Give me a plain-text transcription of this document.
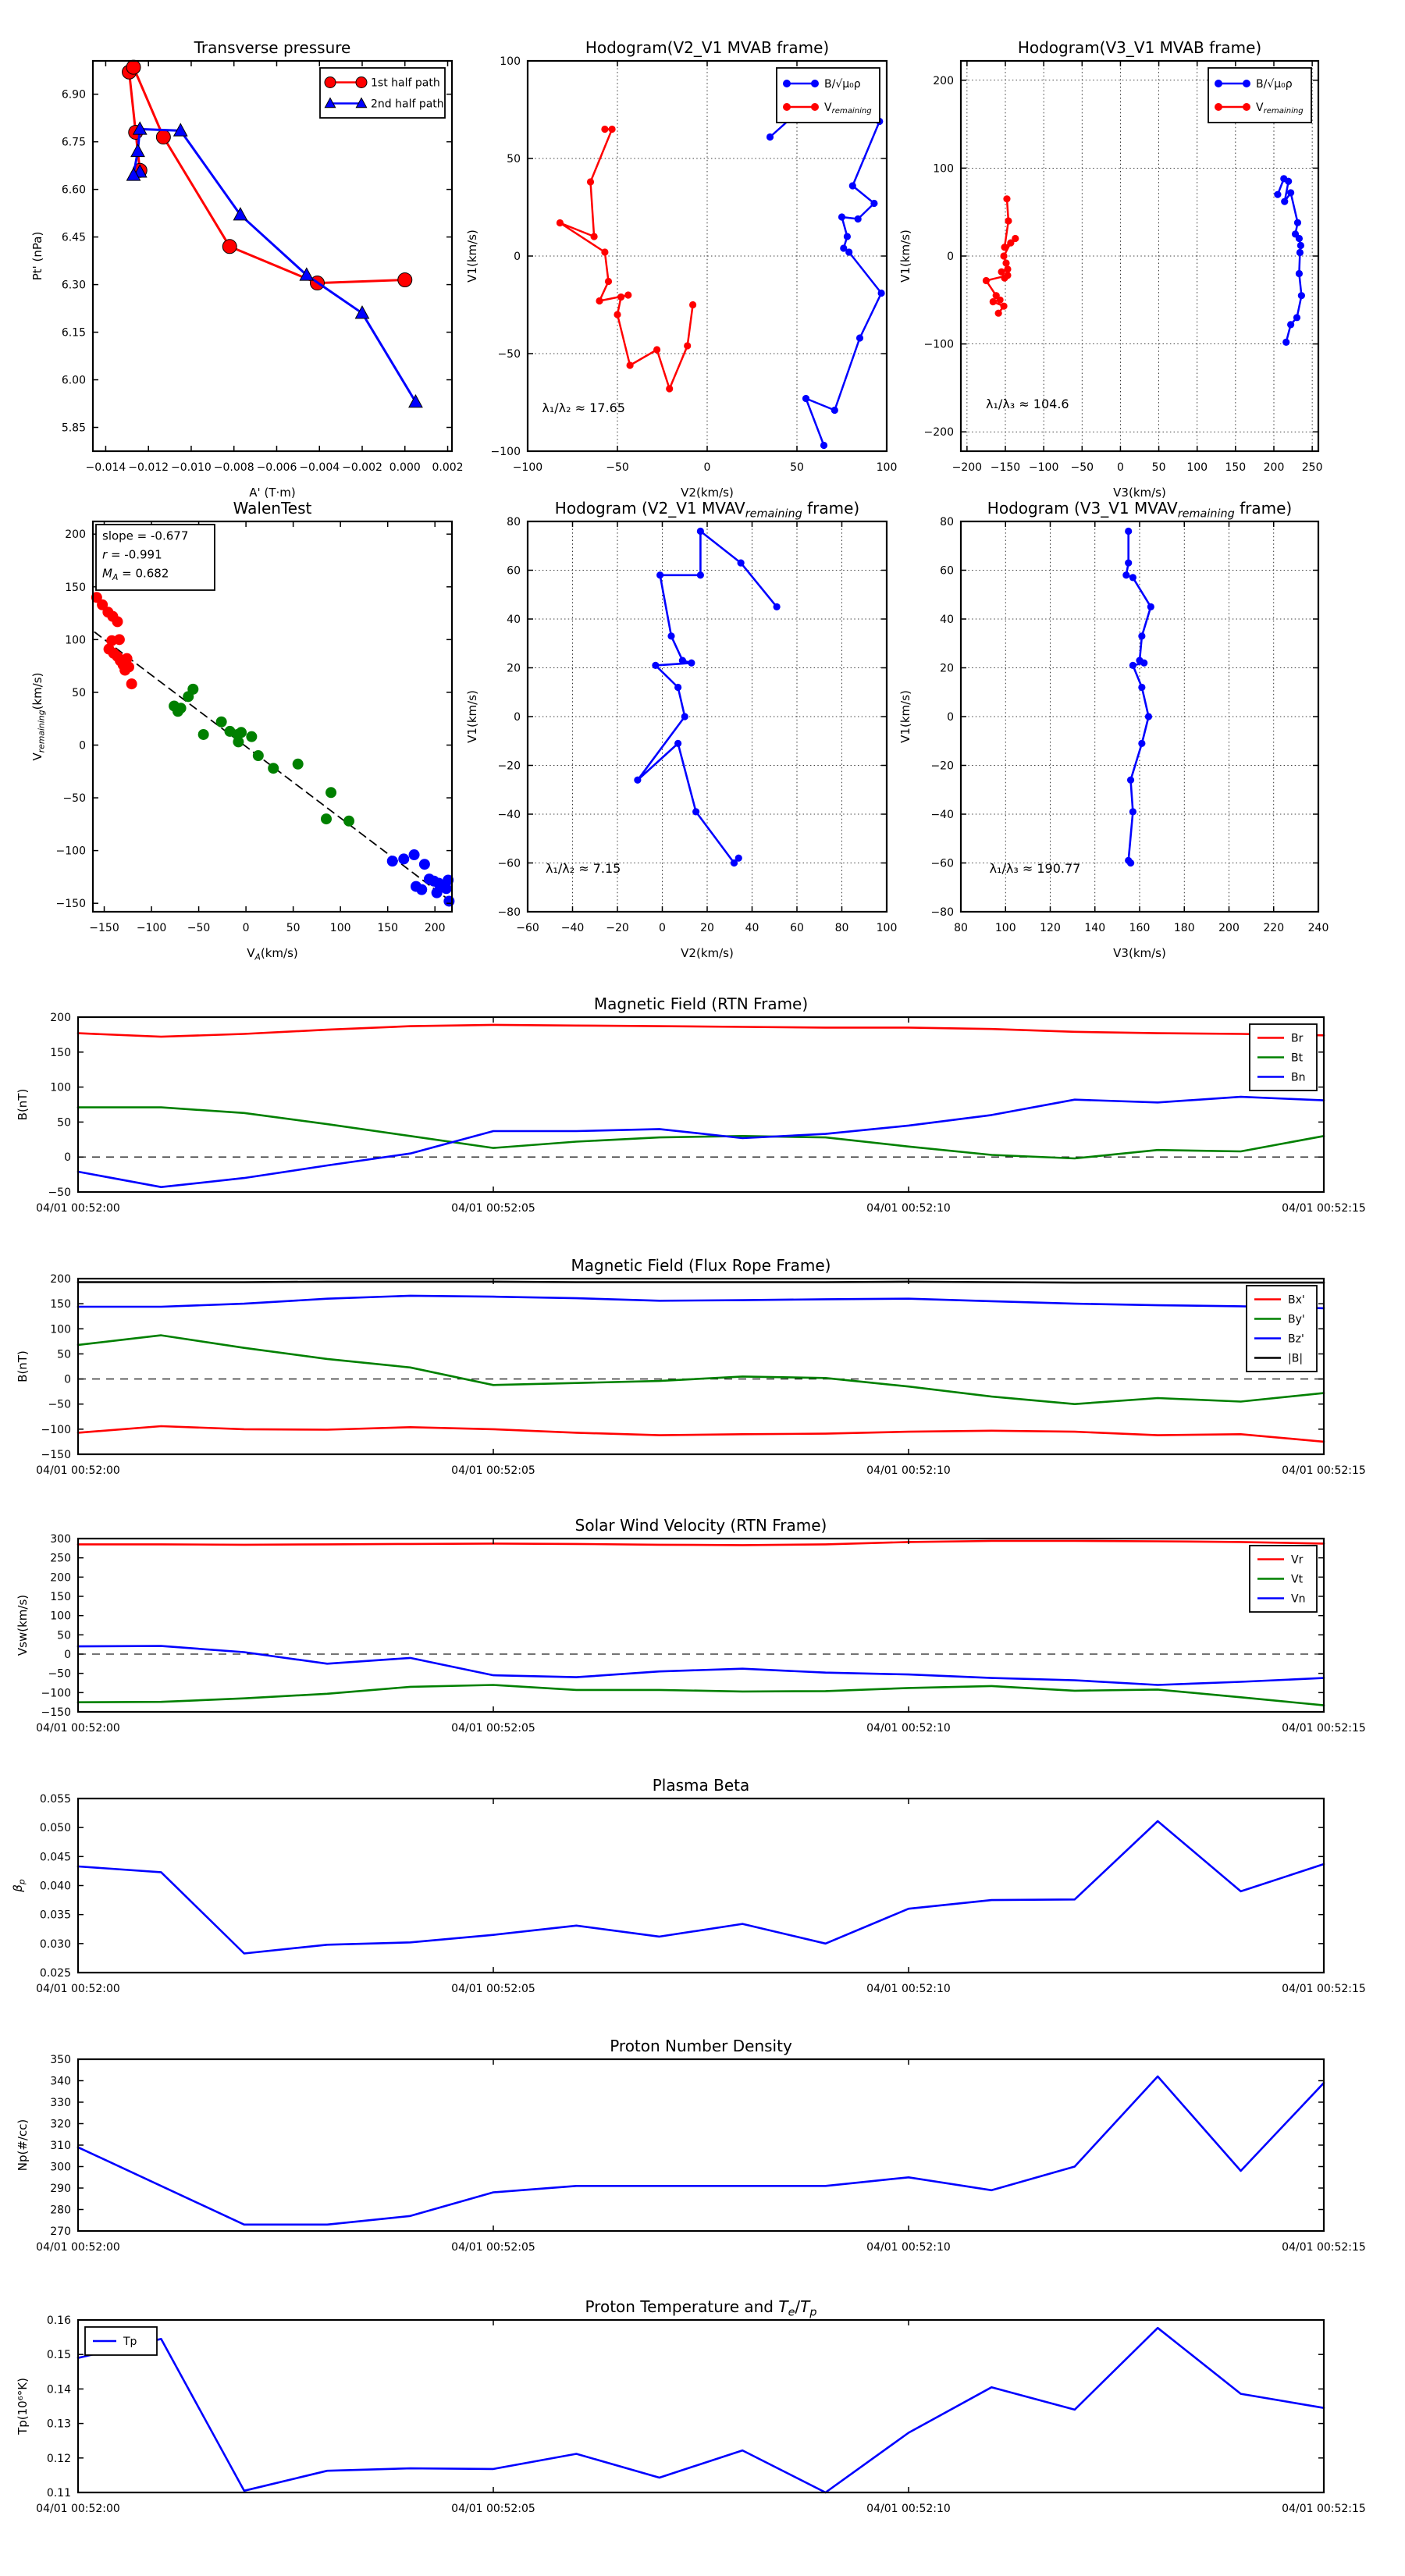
−0.014 −0.012 −0.010 −0.008 −0.006 −0.004 −0.002 0.000 0.002
5.85
6.00
6.15
6.30
6.45
6.60
6.75
6.90
Transverse pressure
A' (T·m)
Pt' (nPa)
1st half path
2nd half path
−100	−50	0	50	100
−100
−50
0
50
100
Hodogram(V2_V1 MVAB frame)
V2(km/s)
V1(km/s)
λ₁/λ₂ ≈ 17.65
B/√μ₀ρ
$V_{remaining}$
−200 −150 −100 −50 0	50 100 150 200 250
−200
−100
0
100
200
Hodogram(V3_V1 MVAB frame)
V3(km/s)
V1(km/s)
λ₁/λ₃ ≈ 104.6
B/√μ₀ρ
$V_{remaining}$
−150 −100 −50	0	50	100 150 200
−150
−100
−50
0
50
100
150
200
WalenTest
$V_A(km/s)$
$V_{remaining}(km/s)$
slope = -0.677
r = -0.991
$M_A = 0.682$
−60 −40 −20	0	20	40	60	80	100
−80
−60
−40
−20
0
20
40
60
80
Hodogram (V2_V1 $MVAV_{remaining}$ frame)
V2(km/s)
V1(km/s)
λ₁/λ₂ ≈ 7.15
80 100 120 140 160 180 200 220 240
−80
−60
−40
−20
0
20
40
60
80
Hodogram (V3_V1 $MVAV_{remaining}$ frame)
V3(km/s)
V1(km/s)
λ₁/λ₃ ≈ 190.77
04/01 00:52:00	04/01 00:52:05	04/01 00:52:10	04/01 00:52:15
−50
0
50
100
150
200
Magnetic Field (RTN Frame)
B(nT)
Br
Bt
Bn
04/01 00:52:00	04/01 00:52:05	04/01 00:52:10	04/01 00:52:15
−150
−100
−50
0
50
100
150
200
Magnetic Field (Flux Rope Frame)
B(nT)
Bx'
By'
Bz'
|B|
04/01 00:52:00	04/01 00:52:05	04/01 00:52:10	04/01 00:52:15
−150
−100
−50
0
50
100
150
200
250
300
Solar Wind Velocity (RTN Frame)
Vsw(km/s)
Vr
Vt
Vn
04/01 00:52:00	04/01 00:52:05	04/01 00:52:10	04/01 00:52:15
0.025
0.030
0.035
0.040
0.045
0.050
0.055
Plasma Beta
$\beta_p$
04/01 00:52:00	04/01 00:52:05	04/01 00:52:10	04/01 00:52:15
270
280
290
300
310
320
330
340
350
Proton Number Density
Np(#/cc)
04/01 00:52:00	04/01 00:52:05	04/01 00:52:10	04/01 00:52:15
0.11
0.12
0.13
0.14
0.15
0.16
Proton Temperature and $T_e/T_p$
Tp(10⁶°K)
Tp
